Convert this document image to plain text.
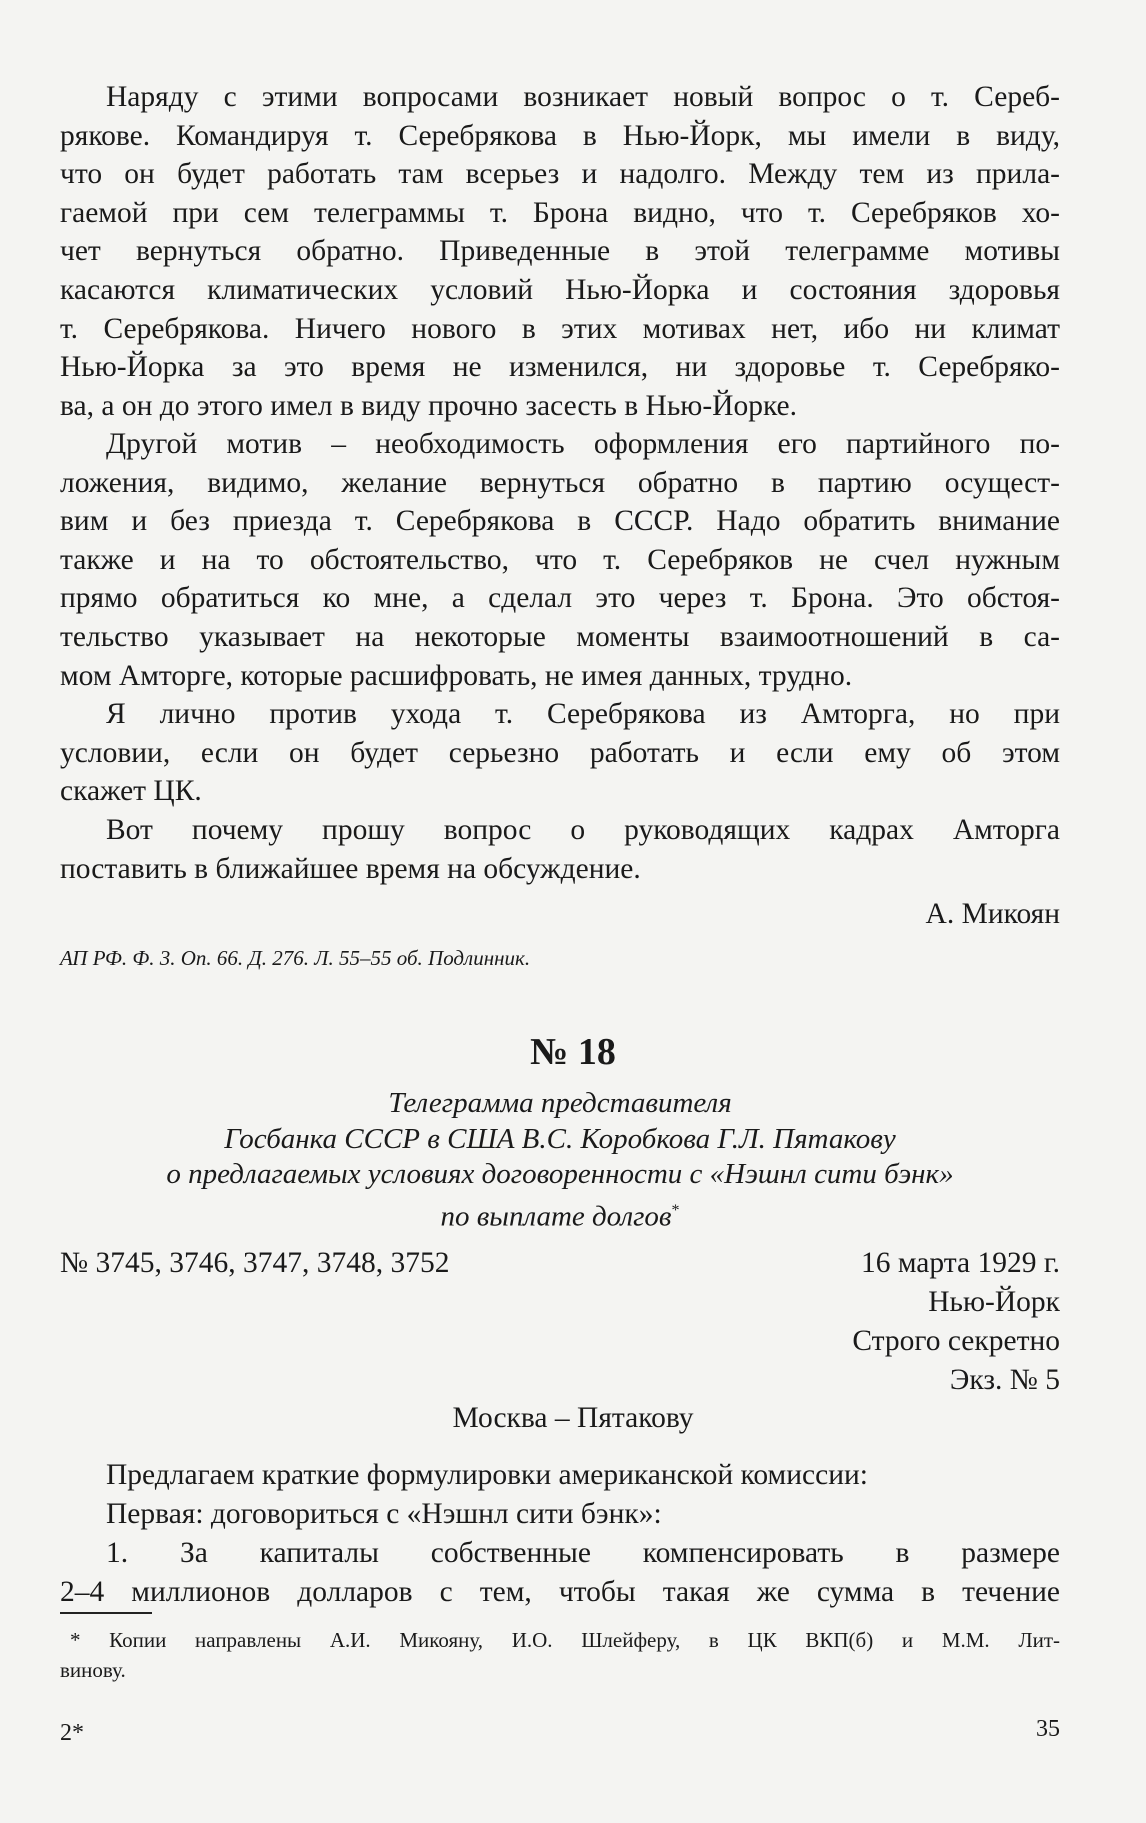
Наряду с этими вопросами возникает новый вопрос о т. Сереб-
рякове. Командируя т. Серебрякова в Нью-Йорк, мы имели в виду,
что он будет работать там всерьез и надолго. Между тем из прила-
гаемой при сем телеграммы т. Брона видно, что т. Серебряков хо-
чет вернуться обратно. Приведенные в этой телеграмме мотивы
касаются климатических условий Нью-Йорка и состояния здоровья
т. Серебрякова. Ничего нового в этих мотивах нет, ибо ни климат
Нью-Йорка за это время не изменился, ни здоровье т. Серебряко-
ва, а он до этого имел в виду прочно засесть в Нью-Йорке.
Другой мотив – необходимость оформления его партийного по-
ложения, видимо, желание вернуться обратно в партию осущест-
вим и без приезда т. Серебрякова в СССР. Надо обратить внимание
также и на то обстоятельство, что т. Серебряков не счел нужным
прямо обратиться ко мне, а сделал это через т. Брона. Это обстоя-
тельство указывает на некоторые моменты взаимоотношений в са-
мом Амторге, которые расшифровать, не имея данных, трудно.
Я лично против ухода т. Серебрякова из Амторга, но при
условии, если он будет серьезно работать и если ему об этом
скажет ЦК.
Вот почему прошу вопрос о руководящих кадрах Амторга
поставить в ближайшее время на обсуждение.
А. Микоян
АП РФ. Ф. 3. Оп. 66. Д. 276. Л. 55–55 об. Подлинник.
№ 18
Телеграмма представителя
Госбанка СССР в США В.С. Коробкова Г.Л. Пятакову
о предлагаемых условиях договоренности с «Нэшнл сити бэнк»
по выплате долгов*
№ 3745, 3746, 3747, 3748, 3752	16 марта 1929 г.
Нью-Йорк
Строго секретно
Экз. № 5
Москва – Пятакову
Предлагаем краткие формулировки американской комиссии:
Первая: договориться с «Нэшнл сити бэнк»:
1. За капиталы собственные компенсировать в размере
2–4 миллионов долларов с тем, чтобы такая же сумма в течение
* Копии направлены А.И. Микояну, И.О. Шлейферу, в ЦК ВКП(б) и М.М. Лит-
винову.
2*	35
